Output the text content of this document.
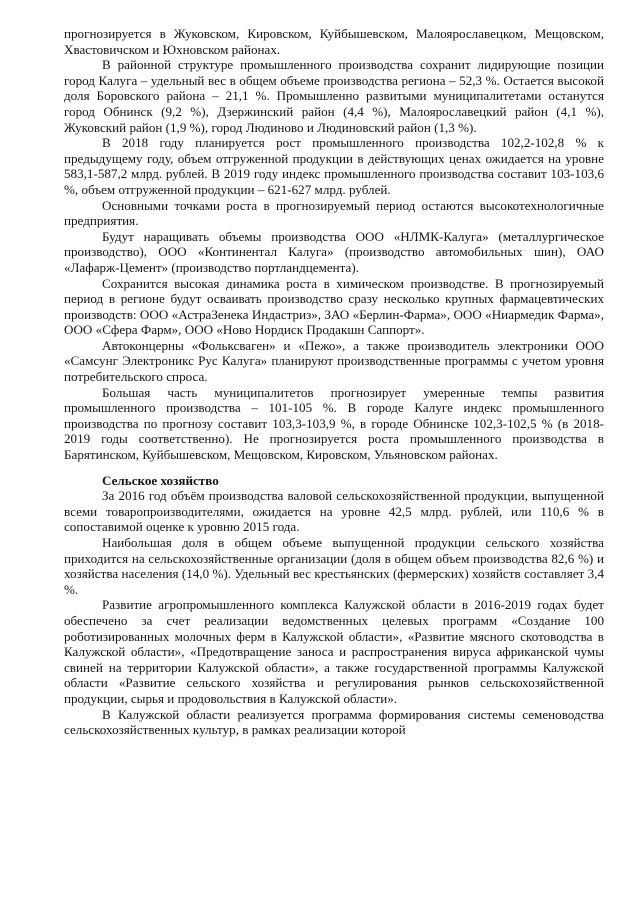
прогнозируется в Жуковском, Кировском, Куйбышевском, Малоярославецком, Мещовском, Хвастовичском и Юхновском районах.

В районной структуре промышленного производства сохранит лидирующие позиции город Калуга – удельный вес в общем объеме производства региона – 52,3 %. Остается высокой доля Боровского района – 21,1 %. Промышленно развитыми муниципалитетами останутся город Обнинск (9,2 %), Дзержинский район (4,4 %), Малоярославецкий район (4,1 %), Жуковский район (1,9 %), город Людиново и Людиновский район (1,3 %).

В 2018 году планируется рост промышленного производства 102,2-102,8 % к предыдущему году, объем отгруженной продукции в действующих ценах ожидается на уровне 583,1-587,2 млрд. рублей. В 2019 году индекс промышленного производства составит 103-103,6 %, объем отгруженной продукции – 621-627 млрд. рублей.

Основными точками роста в прогнозируемый период остаются высокотехнологичные предприятия.

Будут наращивать объемы производства ООО «НЛМК-Калуга» (металлургическое производство), ООО «Континентал Калуга» (производство автомобильных шин), ОАО «Лафарж-Цемент» (производство портландцемента).

Сохранится высокая динамика роста в химическом производстве. В прогнозируемый период в регионе будут осваивать производство сразу несколько крупных фармацевтических производств: ООО «АстраЗенека Индастриз», ЗАО «Берлин-Фарма», ООО «Ниармедик Фарма», ООО «Сфера Фарм», ООО «Ново Нордиск Продакшн Саппорт».

Автоконцерны «Фольксваген» и «Пежо», а также производитель электроники ООО «Самсунг Электроникс Рус Калуга» планируют производственные программы с учетом уровня потребительского спроса.

Большая часть муниципалитетов прогнозирует умеренные темпы развития промышленного производства – 101-105 %. В городе Калуге индекс промышленного производства по прогнозу составит 103,3-103,9 %, в городе Обнинске 102,3-102,5 % (в 2018-2019 годы соответственно). Не прогнозируется роста промышленного производства в Барятинском, Куйбышевском, Мещовском, Кировском, Ульяновском районах.

Сельское хозяйство

За 2016 год объём производства валовой сельскохозяйственной продукции, выпущенной всеми товаропроизводителями, ожидается на уровне 42,5 млрд. рублей, или 110,6 % в сопоставимой оценке к уровню 2015 года.

Наибольшая доля в общем объеме выпущенной продукции сельского хозяйства приходится на сельскохозяйственные организации (доля в общем объем производства 82,6 %) и хозяйства населения (14,0 %). Удельный вес крестьянских (фермерских) хозяйств составляет 3,4 %.

Развитие агропромышленного комплекса Калужской области в 2016-2019 годах будет обеспечено за счет реализации ведомственных целевых программ «Создание 100 роботизированных молочных ферм в Калужской области», «Развитие мясного скотоводства в Калужской области», «Предотвращение заноса и распространения вируса африканской чумы свиней на территории Калужской области», а также государственной программы Калужской области «Развитие сельского хозяйства и регулирования рынков сельскохозяйственной продукции, сырья и продовольствия в Калужской области».

В Калужской области реализуется программа формирования системы семеноводства сельскохозяйственных культур, в рамках реализации которой
